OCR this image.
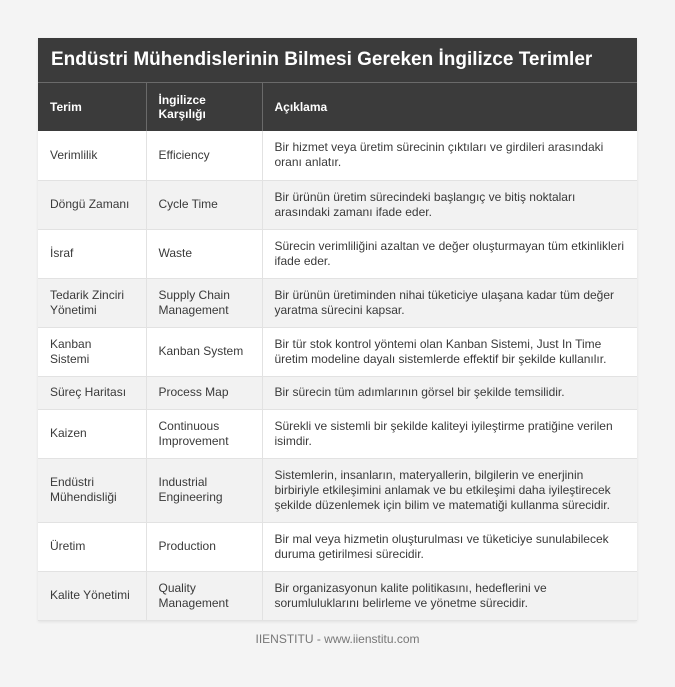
Endüstri Mühendislerinin Bilmesi Gereken İngilizce Terimler
Terim	İngilizce Karşılığı	Açıklama
Verimlilik	Efficiency	Bir hizmet veya üretim sürecinin çıktıları ve girdileri arasındaki oranı anlatır.
Döngü Zamanı	Cycle Time	Bir ürünün üretim sürecindeki başlangıç ve bitiş noktaları arasındaki zamanı ifade eder.
İsraf	Waste	Sürecin verimliliğini azaltan ve değer oluşturmayan tüm etkinlikleri ifade eder.
Tedarik Zinciri Yönetimi	Supply Chain Management	Bir ürünün üretiminden nihai tüketiciye ulaşana kadar tüm değer yaratma sürecini kapsar.
Kanban Sistemi	Kanban System	Bir tür stok kontrol yöntemi olan Kanban Sistemi, Just In Time üretim modeline dayalı sistemlerde effektif bir şekilde kullanılır.
Süreç Haritası	Process Map	Bir sürecin tüm adımlarının görsel bir şekilde temsilidir.
Kaizen	Continuous Improvement	Sürekli ve sistemli bir şekilde kaliteyi iyileştirme pratiğine verilen isimdir.
Endüstri Mühendisliği	Industrial Engineering	Sistemlerin, insanların, materyallerin, bilgilerin ve enerjinin birbiriyle etkileşimini anlamak ve bu etkileşimi daha iyileştirecek şekilde düzenlemek için bilim ve matematiği kullanma sürecidir.
Üretim	Production	Bir mal veya hizmetin oluşturulması ve tüketiciye sunulabilecek duruma getirilmesi sürecidir.
Kalite Yönetimi	Quality Management	Bir organizasyonun kalite politikasını, hedeflerini ve sorumluluklarını belirleme ve yönetme sürecidir.
IIENSTITU - www.iienstitu.com
